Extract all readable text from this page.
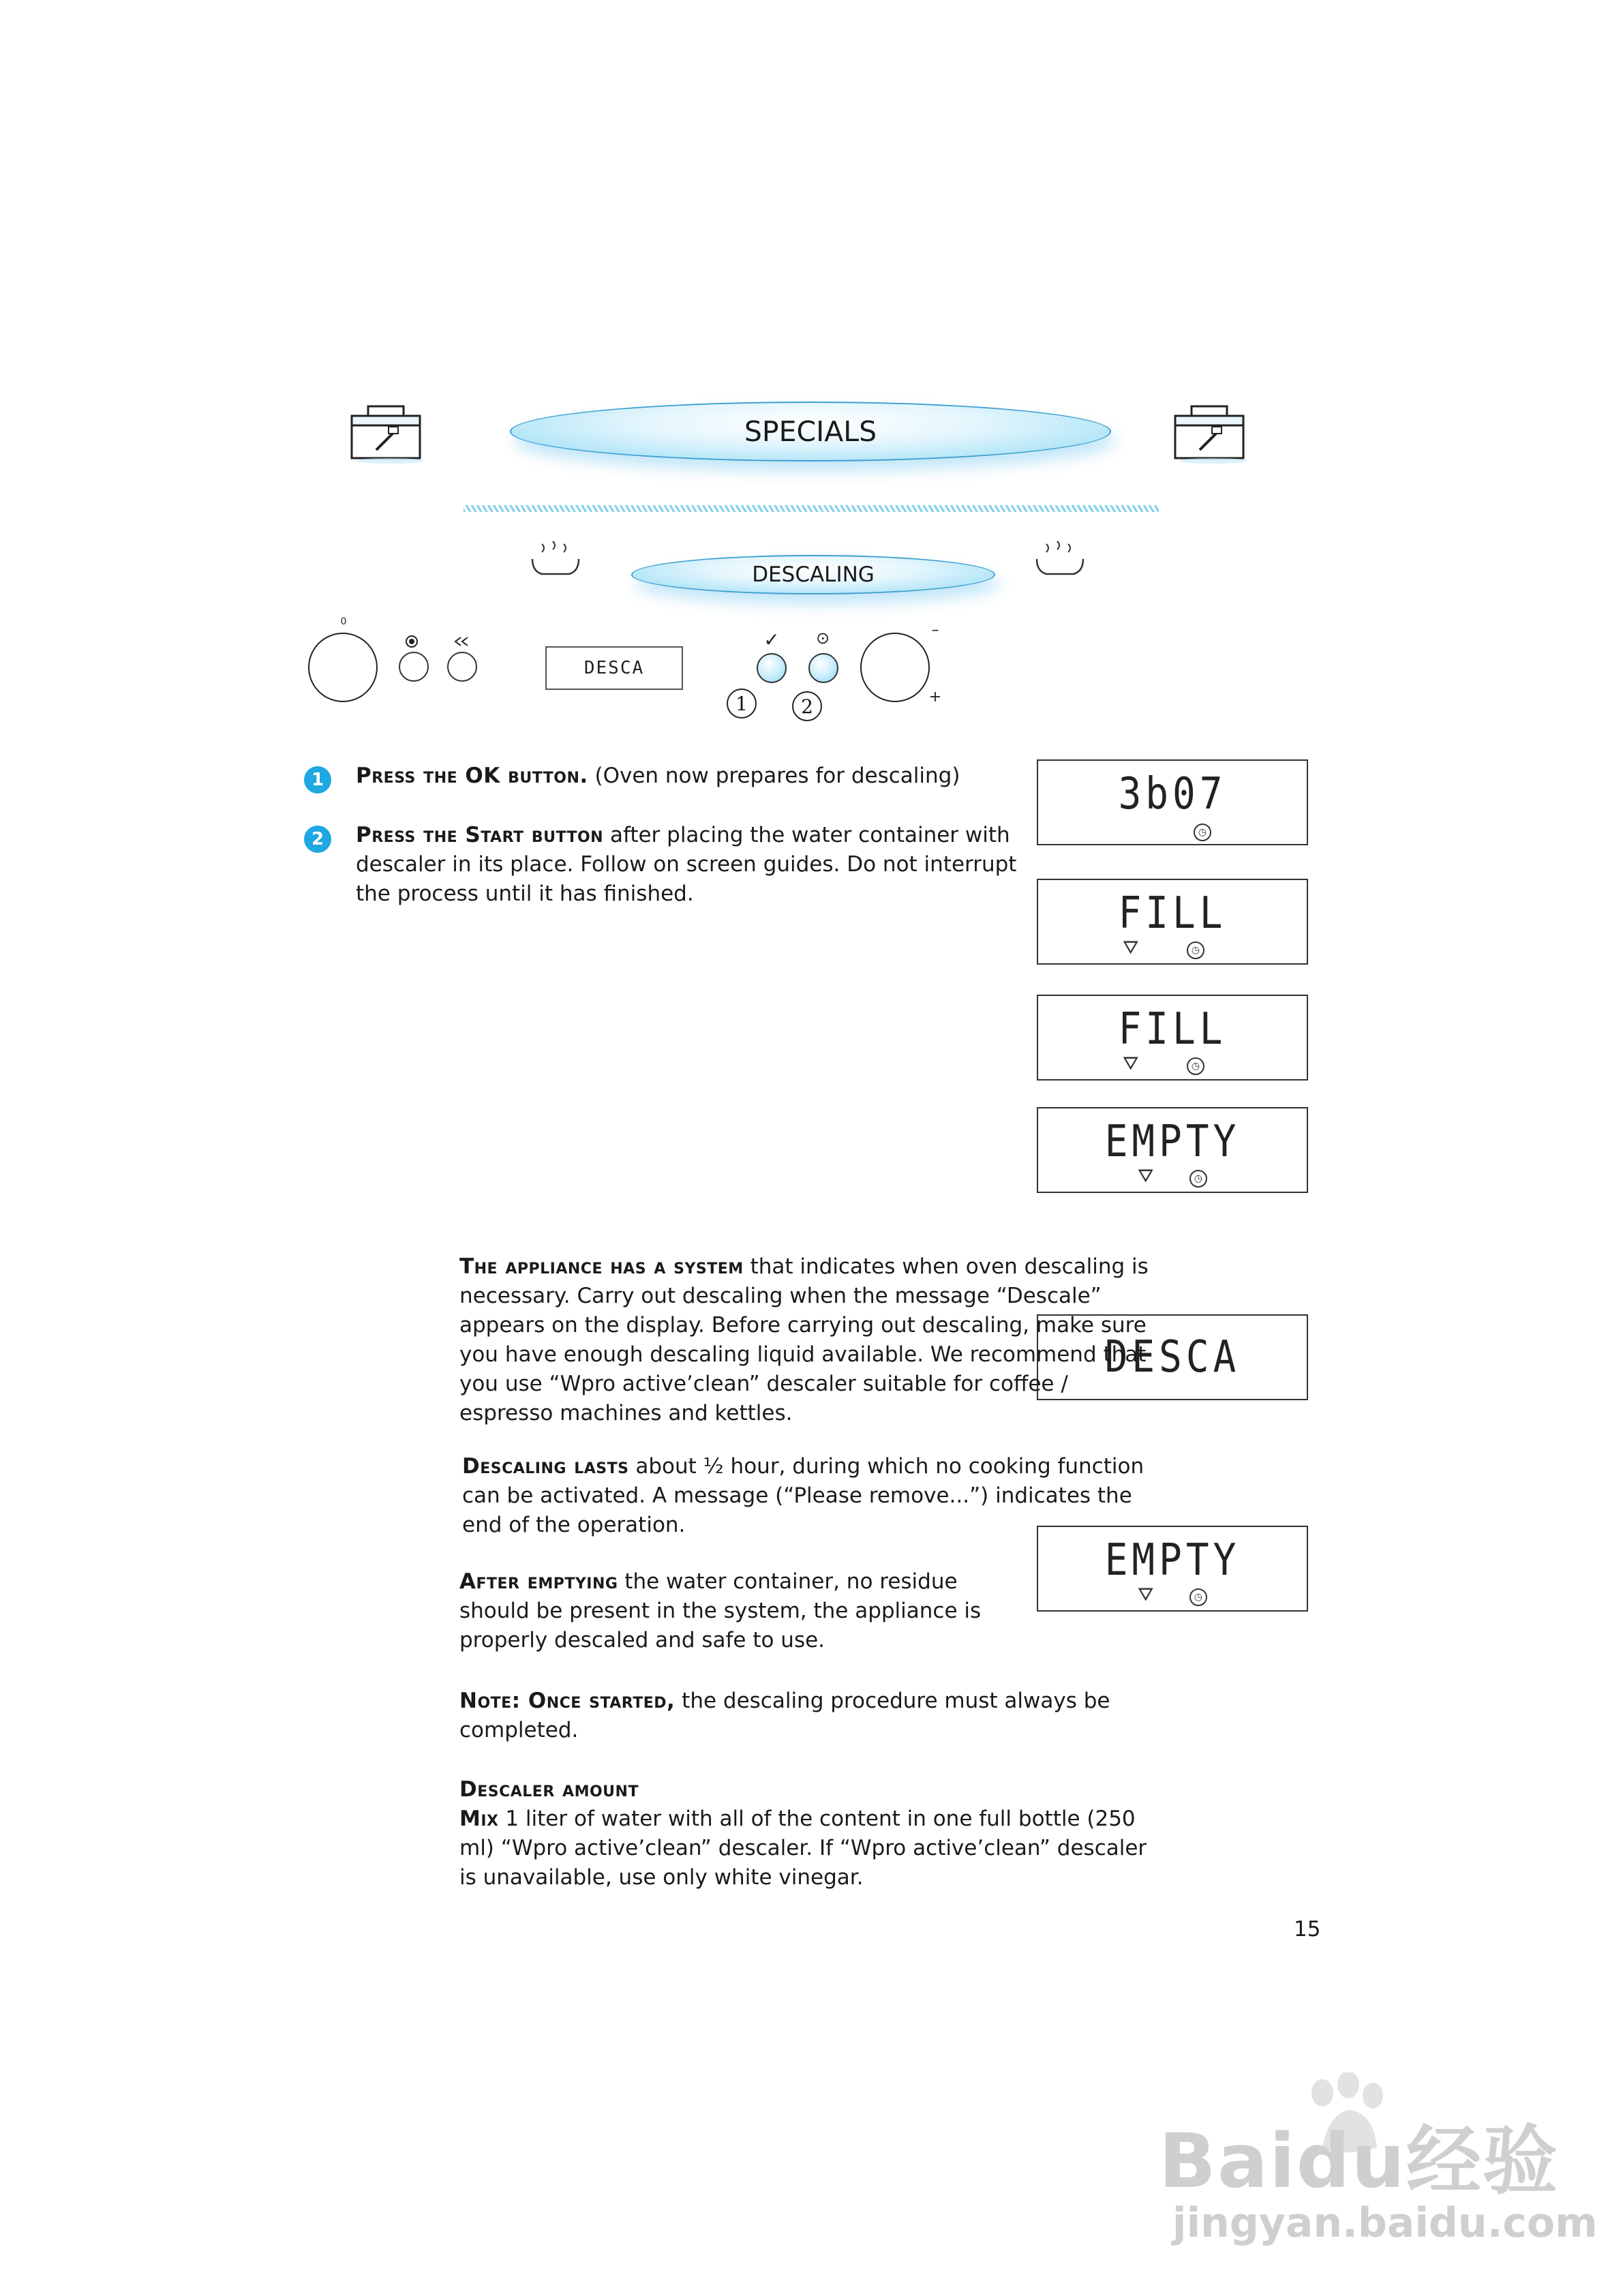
SPECIALS
DESCALING
0
DESCA
✓ ⊙
1	2
–
+
1	Press the OK button. (Oven now prepares for descaling)
2	Press the Start button after placing the water container with descaler in its place. Follow on screen guides. Do not interrupt the process until it has finished.
3b07
◷
FILL
⛛	◷
FILL
⛛	◷
EMPTY
⛛	◷
DESCA
EMPTY
⛛	◷
The appliance has a system that indicates when oven descaling is necessary. Carry out descaling when the message “Descale” appears on the display. Before carrying out descaling, make sure you have enough descaling liquid available. We recommend that you use “Wpro active’clean” descaler suitable for coffee / espresso machines and kettles.
Descaling lasts about ½ hour, during which no cooking function can be activated. A message (“Please remove...”) indicates the end of the operation.
After emptying the water container, no residue should be present in the system, the appliance is properly descaled and safe to use.
Note: Once started, the descaling procedure must always be completed.
Descaler amount
Mix 1 liter of water with all of the content in one full bottle (250 ml) “Wpro active’clean” descaler. If “Wpro active’clean” descaler is unavailable, use only white vinegar.
15
Baidu经验
jingyan.baidu.com
